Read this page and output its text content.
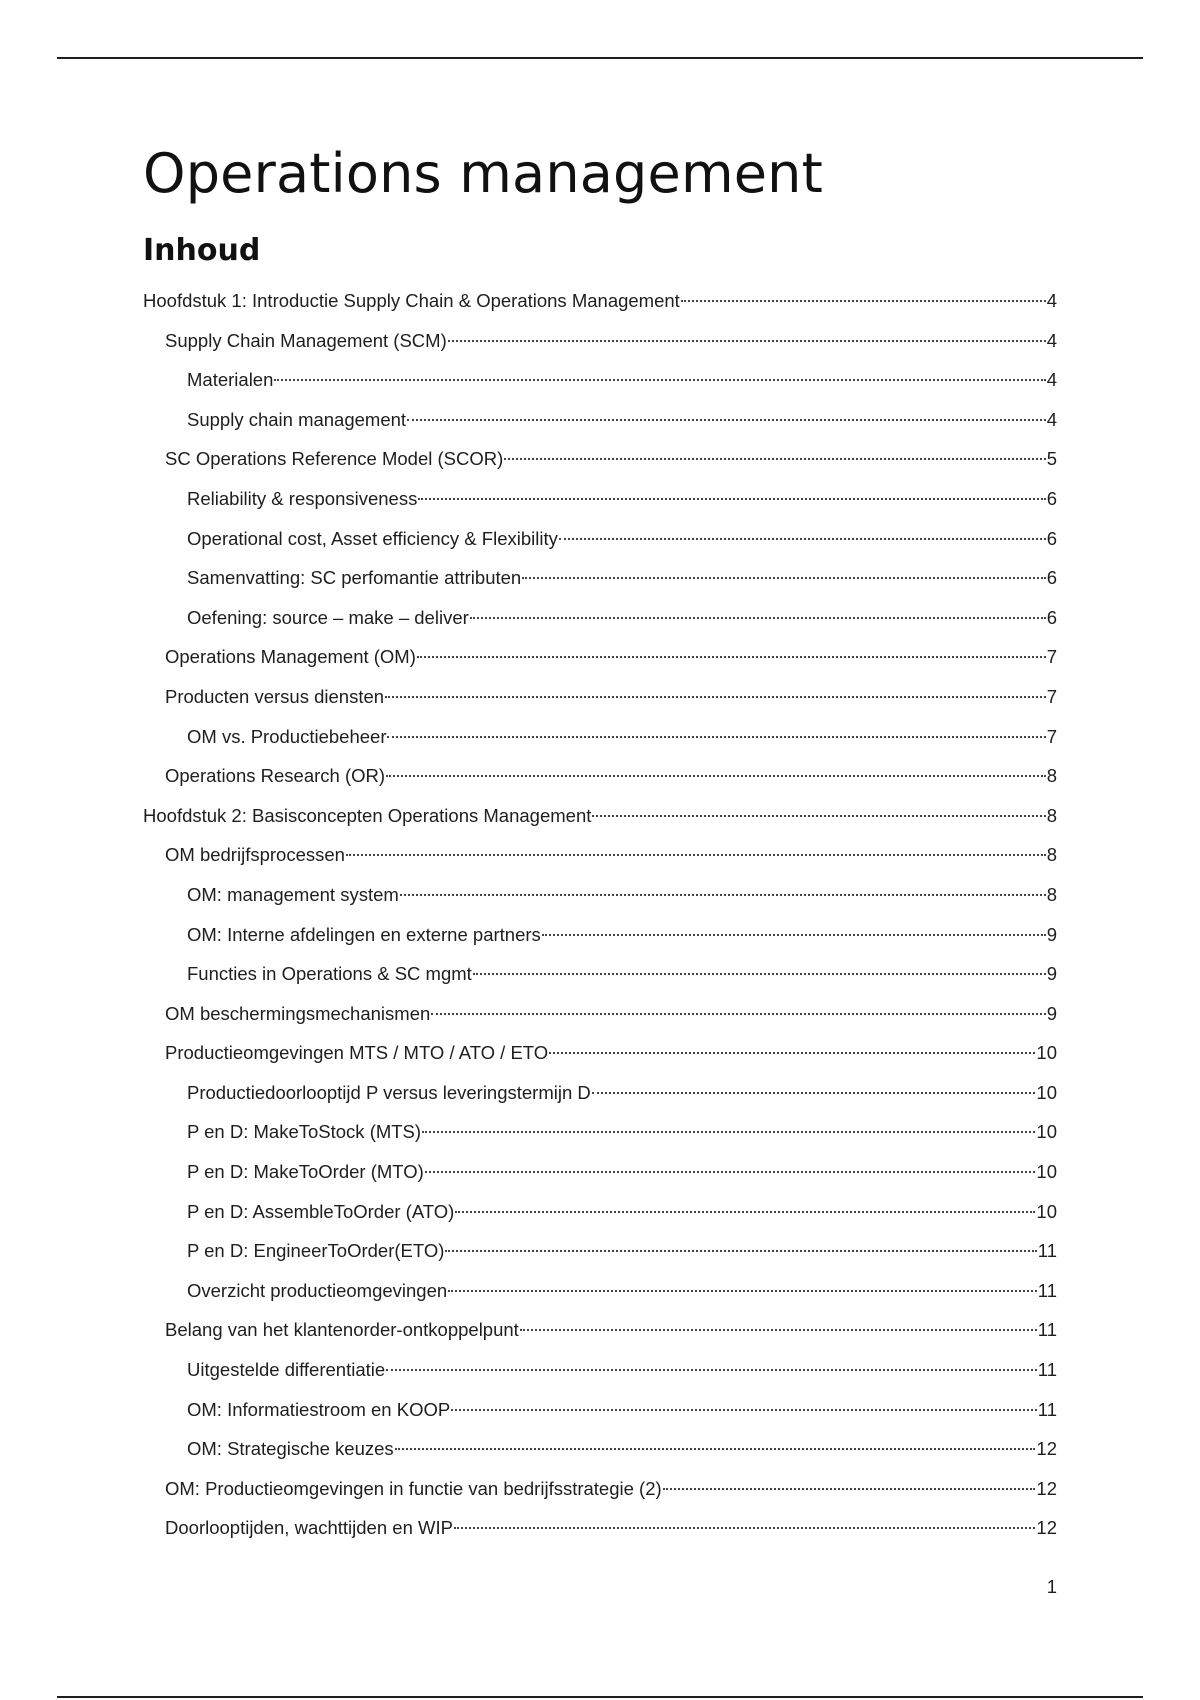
Operations management
Inhoud
Hoofdstuk 1: Introductie Supply Chain & Operations Management	4
Supply Chain Management (SCM)	4
Materialen	4
Supply chain management	4
SC Operations Reference Model (SCOR)	5
Reliability & responsiveness	6
Operational cost, Asset efficiency & Flexibility	6
Samenvatting: SC perfomantie attributen	6
Oefening: source – make – deliver	6
Operations Management (OM)	7
Producten versus diensten	7
OM vs. Productiebeheer	7
Operations Research (OR)	8
Hoofdstuk 2: Basisconcepten Operations Management	8
OM bedrijfsprocessen	8
OM: management system	8
OM: Interne afdelingen en externe partners	9
Functies in Operations & SC mgmt	9
OM beschermingsmechanismen	9
Productieomgevingen MTS / MTO / ATO / ETO	10
Productiedoorlooptijd P versus leveringstermijn D	10
P en D: MakeToStock (MTS)	10
P en D: MakeToOrder (MTO)	10
P en D: AssembleToOrder (ATO)	10
P en D: EngineerToOrder(ETO)	11
Overzicht productieomgevingen	11
Belang van het klantenorder-ontkoppelpunt	11
Uitgestelde differentiatie	11
OM: Informatiestroom en KOOP	11
OM: Strategische keuzes	12
OM: Productieomgevingen in functie van bedrijfsstrategie (2)	12
Doorlooptijden, wachttijden en WIP	12
1
